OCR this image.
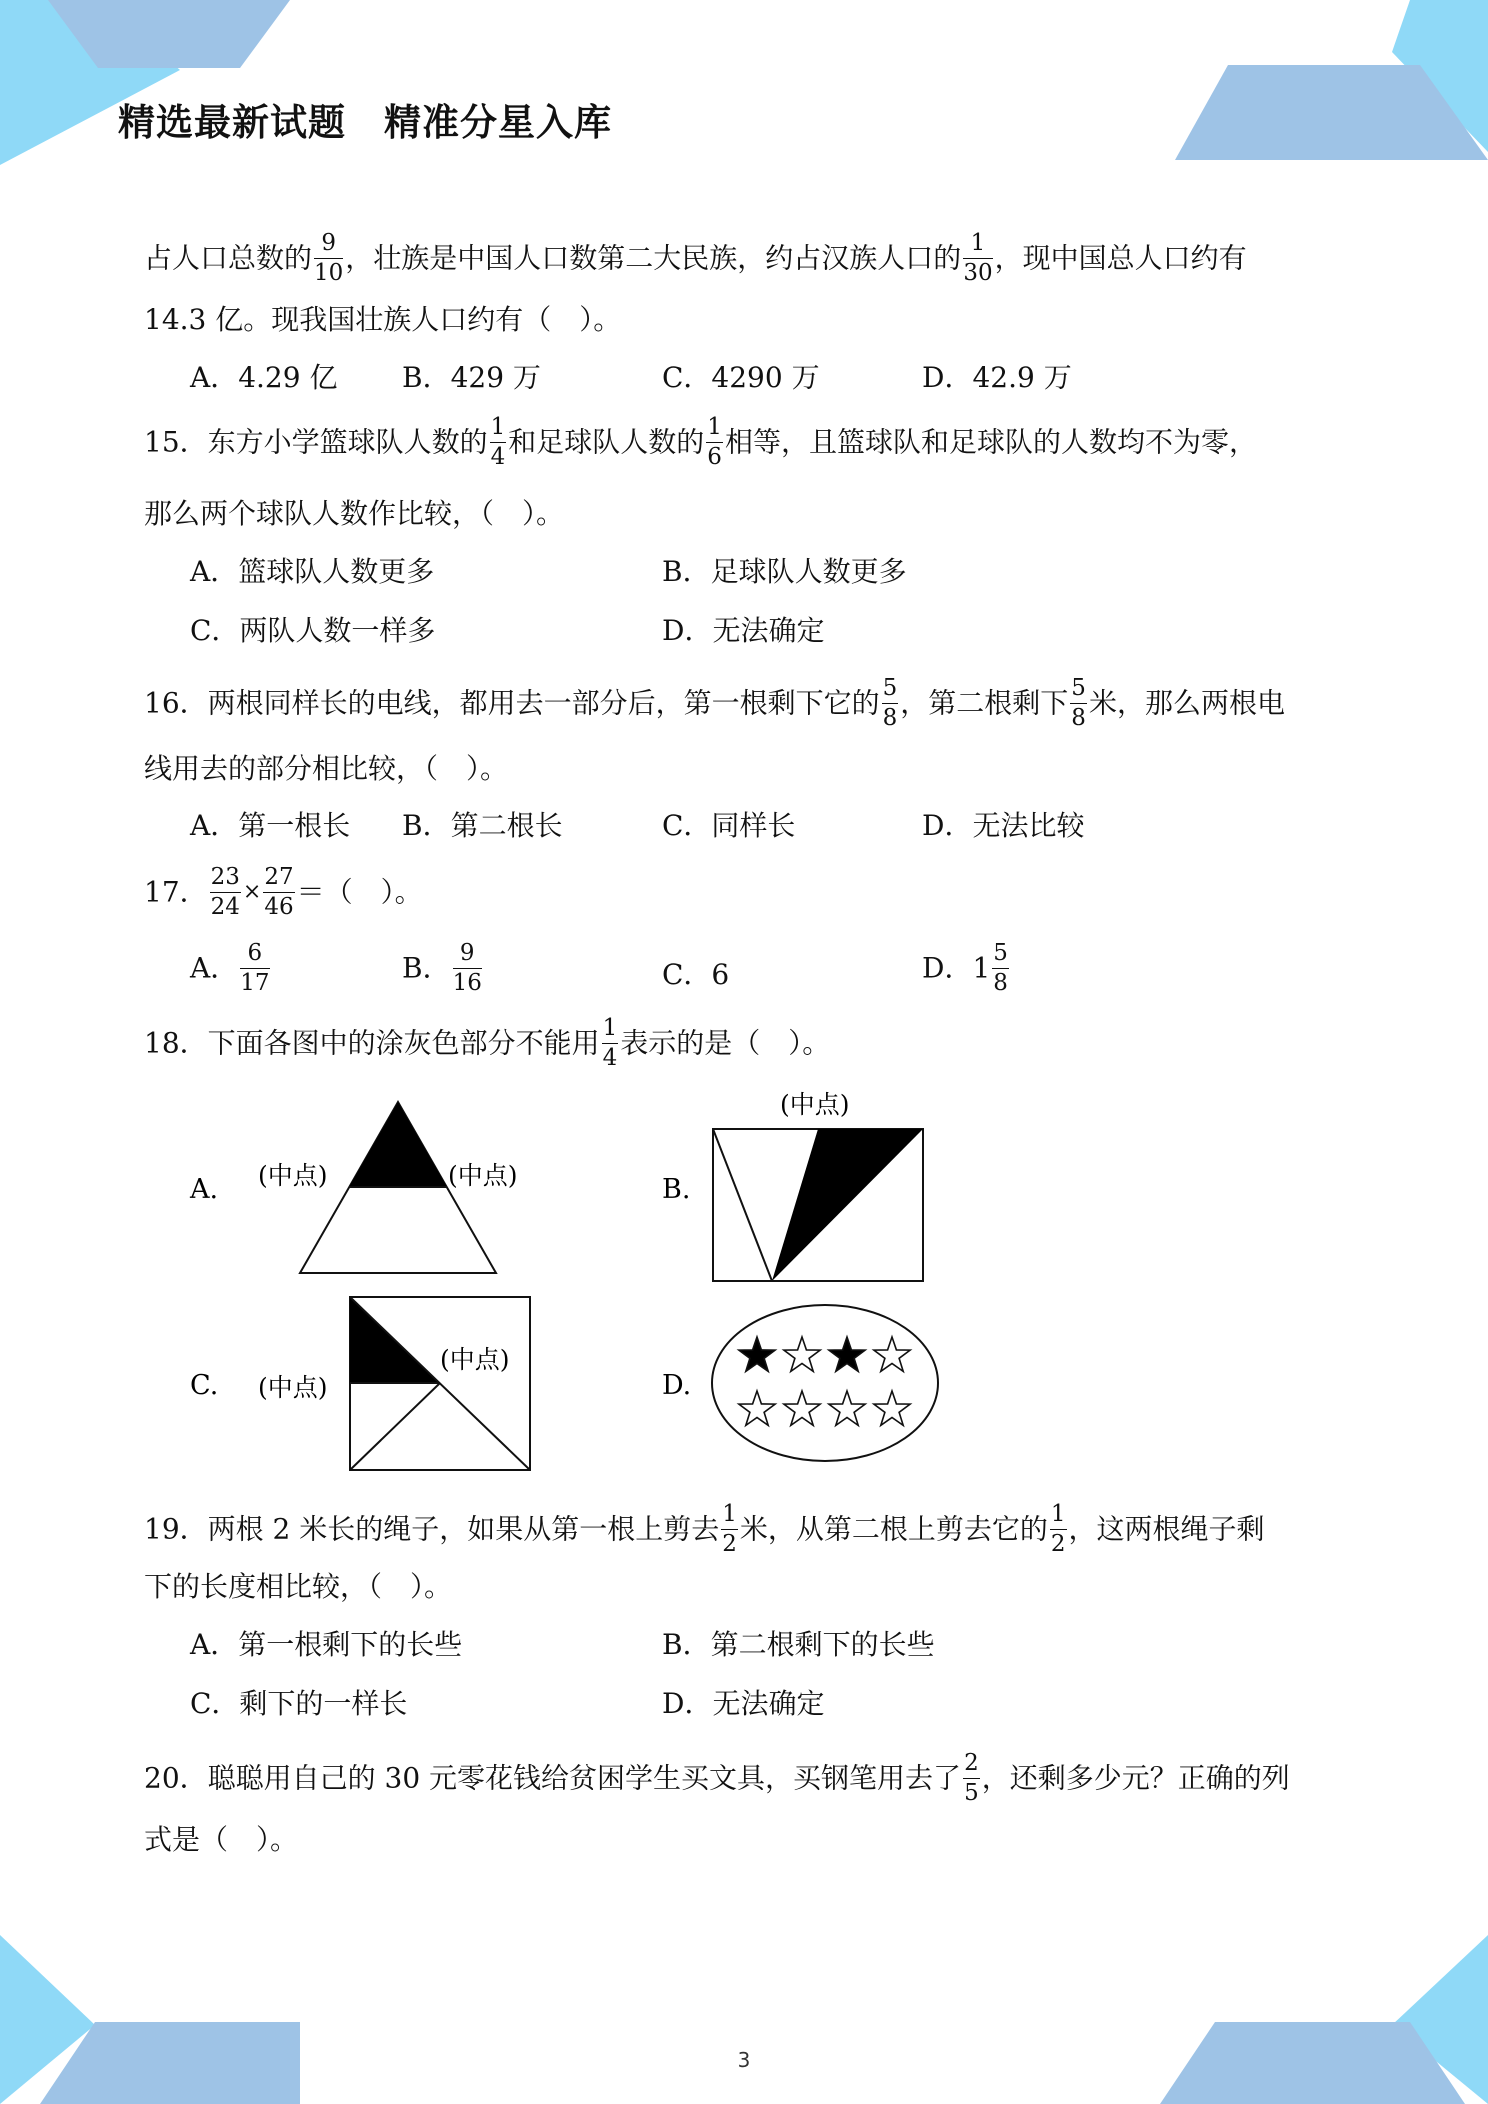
精选最新试题　精准分星入库
占人口总数的 $\frac{9}{10}$ ，壮族是中国人口数第二大民族，约占汉族人口的 $\frac{1}{30}$ ，现中国总人口约有
14.3 亿。现我国壮族人口约有（　）。
A．4.29 亿 B．429 万	C．4290 万	D．42.9 万
15．东方小学篮球队人数的 $\frac{1}{4}$ 和足球队人数的 $\frac{1}{6}$ 相等，且篮球队和足球队的人数均不为零，
那么两个球队人数作比较，（　）。
A．篮球队人数更多	B．足球队人数更多
C．两队人数一样多	D．无法确定
16．两根同样长的电线，都用去一部分后，第一根剩下它的 $\frac{5}{8}$ ，第二根剩下 $\frac{5}{8}$ 米，那么两根电
线用去的部分相比较，（　）。
A．第一根长 B．第二根长	C．同样长	D．无法比较
17． $\frac{23}{24} \times \frac{27}{46}$ ＝（　）。
A． $\frac{6}{17}$	B． $\frac{9}{16}$	C．6	D．$1 \frac{5}{8}$
18．下面各图中的涂灰色部分不能用 $\frac{1}{4}$ 表示的是（　）。
A. (中点)	(中点)	B.
(中点)
C. (中点)
(中点)
D.
19．两根 2 米长的绳子，如果从第一根上剪去 $\frac{1}{2}$ 米，从第二根上剪去它的 $\frac{1}{2}$ ，这两根绳子剩
下的长度相比较，（　）。
A．第一根剩下的长些	B．第二根剩下的长些
C．剩下的一样长	D．无法确定
20．聪聪用自己的 30 元零花钱给贫困学生买文具，买钢笔用去了 $\frac{2}{5}$ ，还剩多少元？正确的列
式是（　）。
3
